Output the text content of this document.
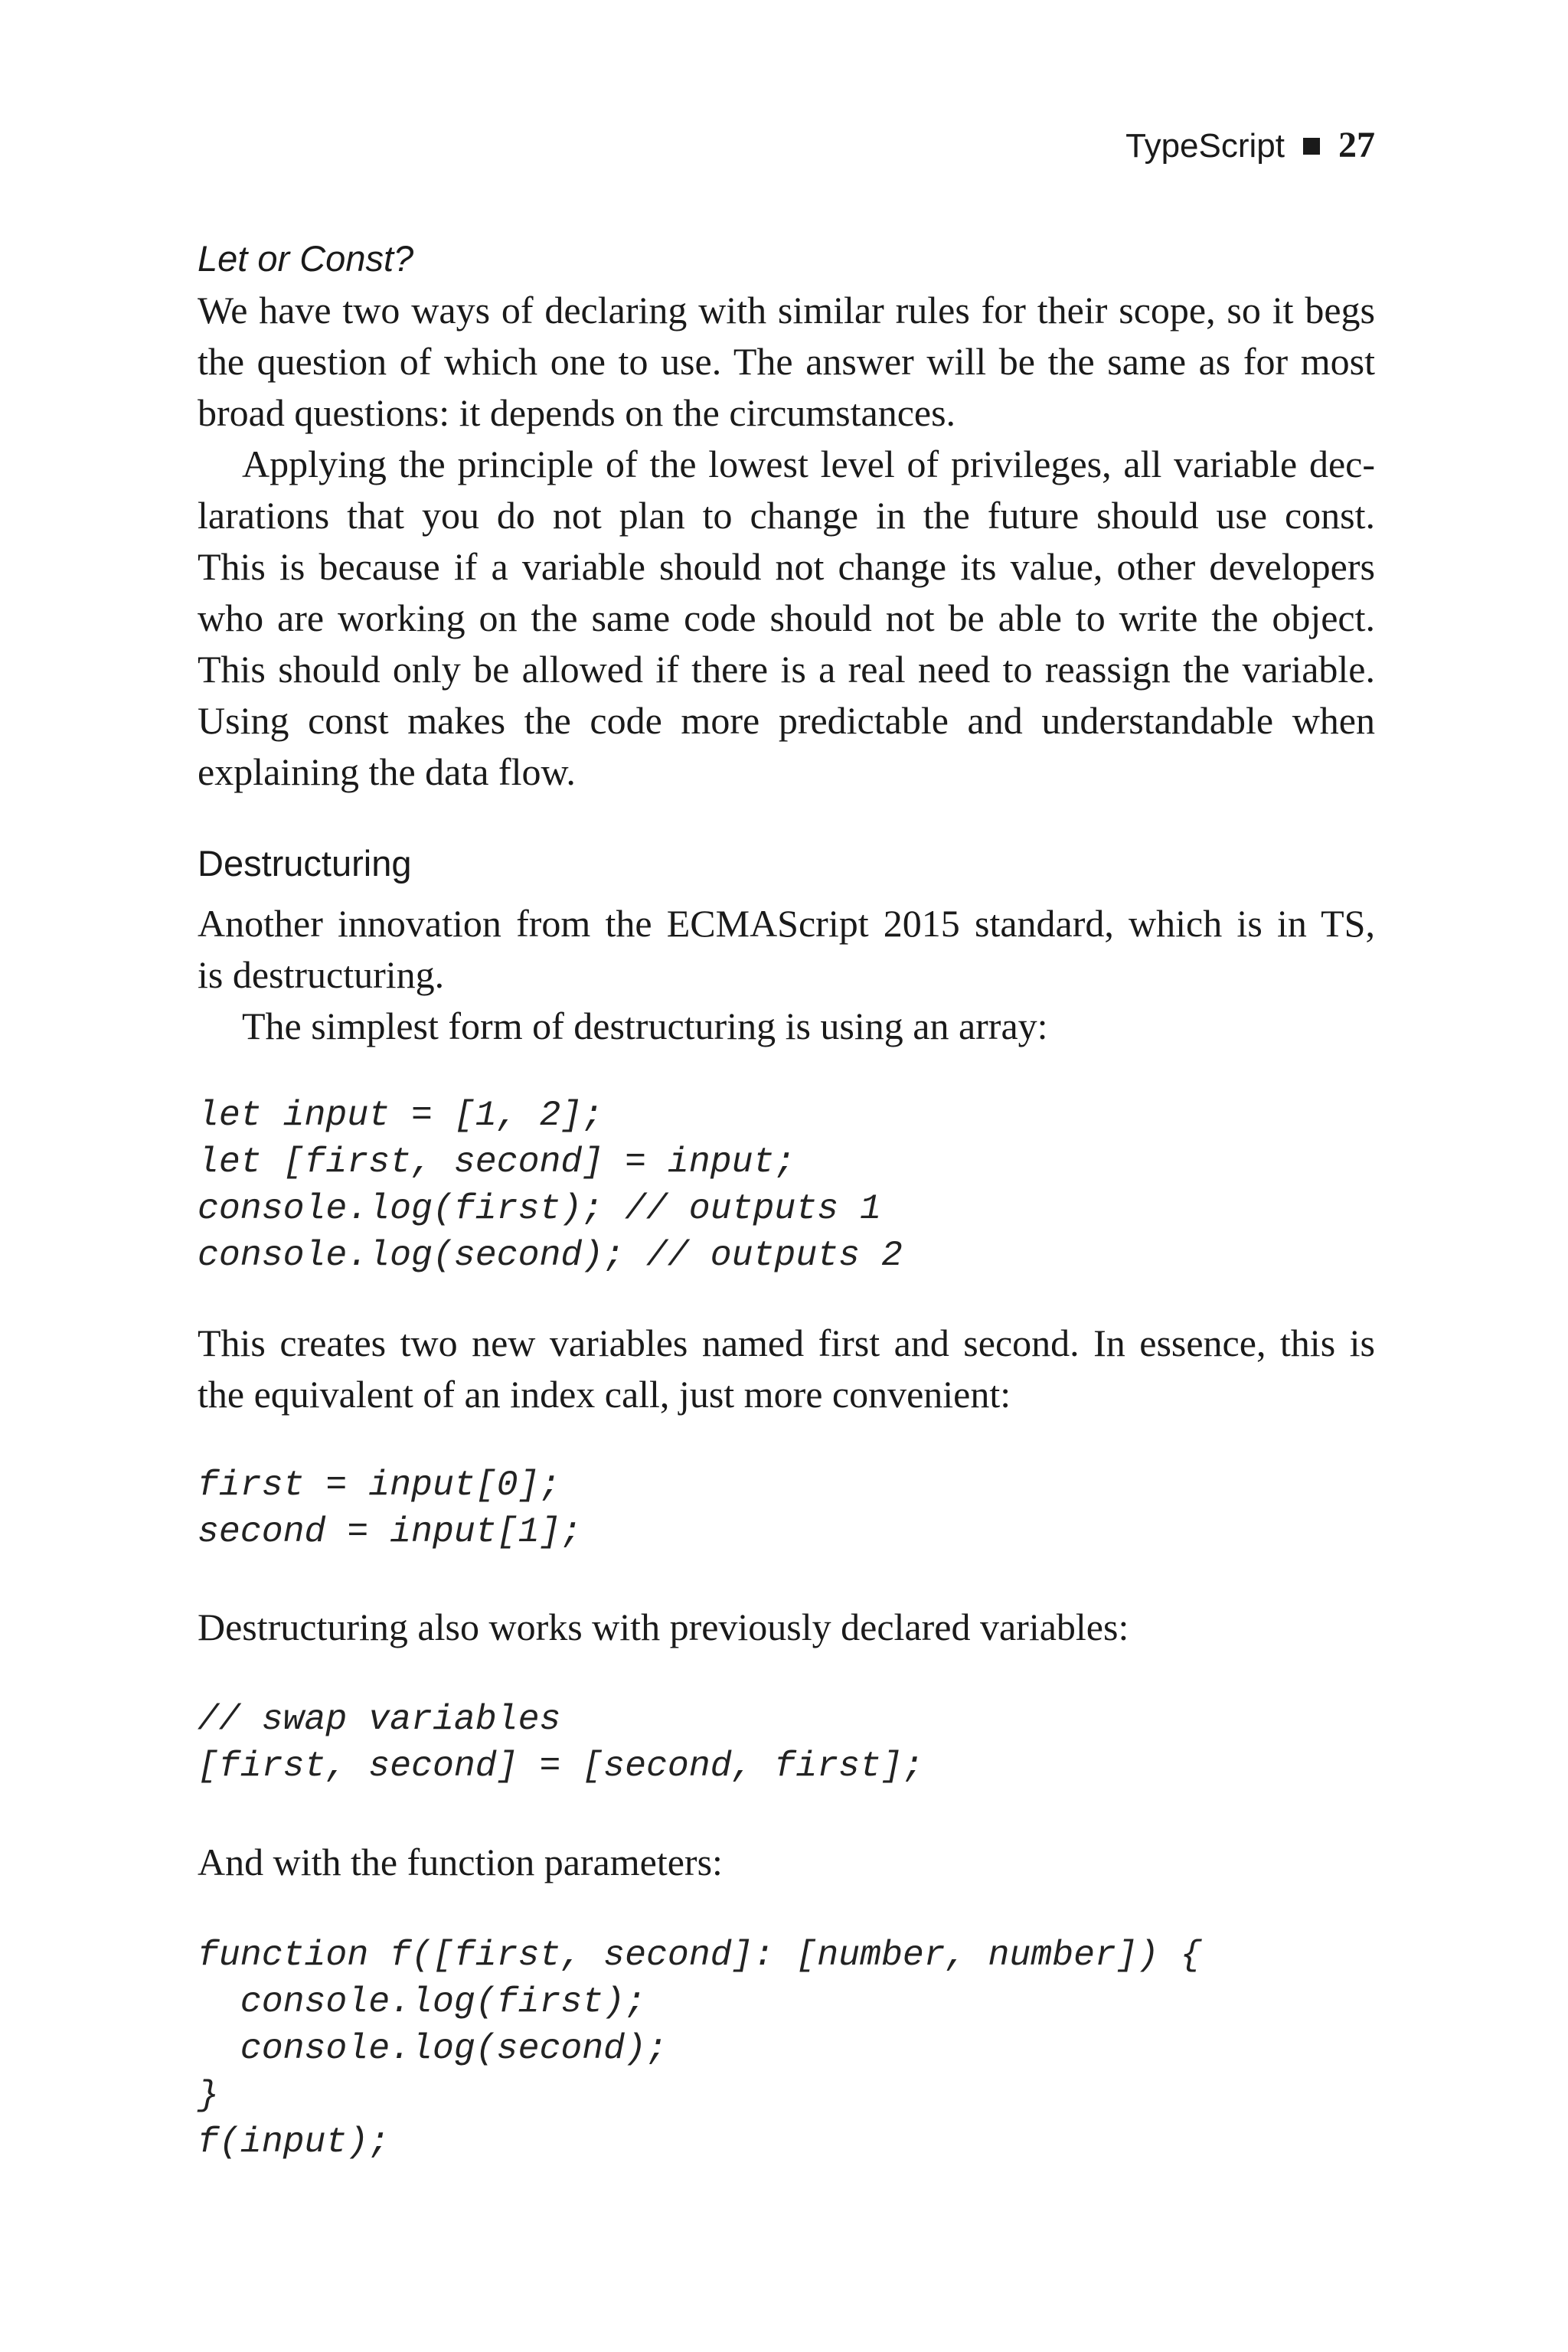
TypeScript 27
Let or Const?
We have two ways of declaring with similar rules for their scope, so it begs
the question of which one to use. The answer will be the same as for most
broad questions: it depends on the circumstances.
Applying the principle of the lowest level of privileges, all variable dec-
larations that you do not plan to change in the future should use const.
This is because if a variable should not change its value, other developers
who are working on the same code should not be able to write the object.
This should only be allowed if there is a real need to reassign the variable.
Using const makes the code more predictable and understandable when
explaining the data flow.
Destructuring
Another innovation from the ECMAScript 2015 standard, which is in TS,
is destructuring.
The simplest form of destructuring is using an array:
let input = [1, 2];
let [first, second] = input;
console.log(first); // outputs 1
console.log(second); // outputs 2
This creates two new variables named first and second. In essence, this is
the equivalent of an index call, just more convenient:
first = input[0];
second = input[1];
Destructuring also works with previously declared variables:
// swap variables
[first, second] = [second, first];
And with the function parameters:
function f([first, second]: [number, number]) {
console.log(first);
console.log(second);
}
f(input);
